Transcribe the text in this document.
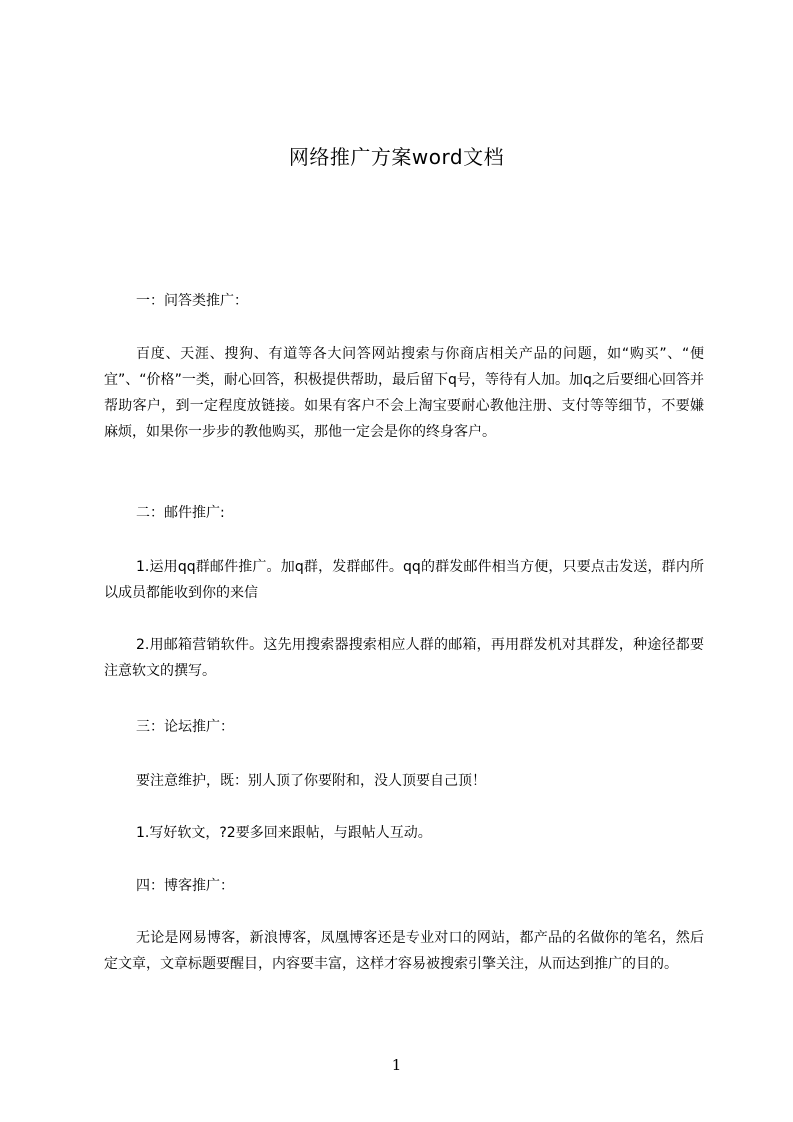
网络推广方案word文档
一：问答类推广：
百度、天涯、搜狗、有道等各大问答网站搜索与你商店相关产品的问题，如“购买”、“便宜”、“价格”一类，耐心回答，积极提供帮助，最后留下q号，等待有人加。加q之后要细心回答并帮助客户，到一定程度放链接。如果有客户不会上淘宝要耐心教他注册、支付等等细节，不要嫌麻烦，如果你一步步的教他购买，那他一定会是你的终身客户。
二：邮件推广:
1.运用qq群邮件推广。加q群，发群邮件。qq的群发邮件相当方便，只要点击发送，群内所以成员都能收到你的来信
2.用邮箱营销软件。这先用搜索器搜索相应人群的邮箱，再用群发机对其群发，种途径都要注意软文的撰写。
三：论坛推广：
要注意维护，既：别人顶了你要附和，没人顶要自己顶！
1.写好软文，?2要多回来跟帖，与跟帖人互动。
四：博客推广：
无论是网易博客，新浪博客，凤凰博客还是专业对口的网站，都产品的名做你的笔名，然后定文章，文章标题要醒目，内容要丰富，这样才容易被搜索引擎关注，从而达到推广的目的。
1
